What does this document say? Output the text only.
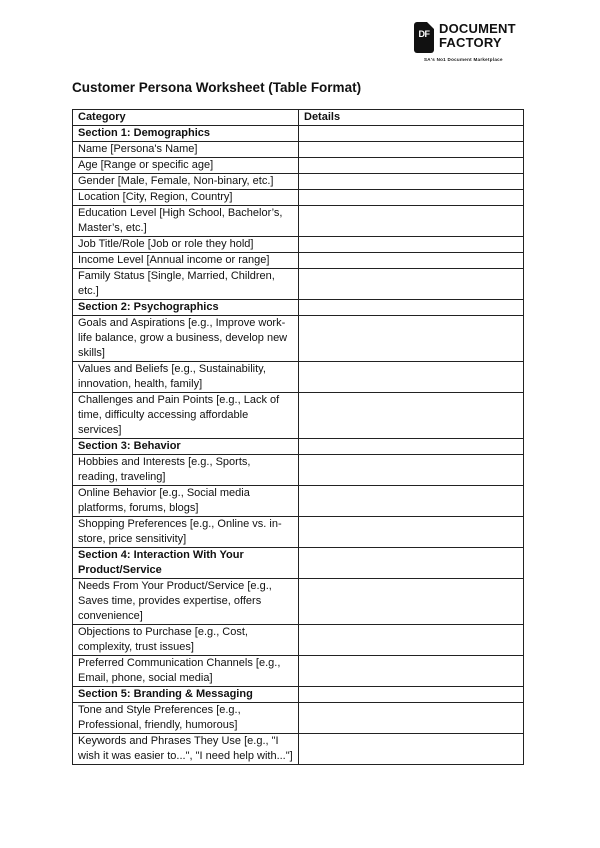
DF DOCUMENT
FACTORY
SA's No1 Document Marketplace
Customer Persona Worksheet (Table Format)
Category	Details
Section 1: Demographics	
Name [Persona's Name]	
Age [Range or specific age]	
Gender [Male, Female, Non-binary, etc.]	
Location [City, Region, Country]	
Education Level [High School, Bachelor’s, Master’s, etc.]	
Job Title/Role [Job or role they hold]	
Income Level [Annual income or range]	
Family Status [Single, Married, Children, etc.]	
Section 2: Psychographics	
Goals and Aspirations [e.g., Improve work-life balance, grow a business, develop new skills]	
Values and Beliefs [e.g., Sustainability, innovation, health, family]	
Challenges and Pain Points [e.g., Lack of time, difficulty accessing affordable services]	
Section 3: Behavior	
Hobbies and Interests [e.g., Sports, reading, traveling]	
Online Behavior [e.g., Social media platforms, forums, blogs]	
Shopping Preferences [e.g., Online vs. in-store, price sensitivity]	
Section 4: Interaction With Your Product/Service	
Needs From Your Product/Service [e.g., Saves time, provides expertise, offers convenience]	
Objections to Purchase [e.g., Cost, complexity, trust issues]	
Preferred Communication Channels [e.g., Email, phone, social media]	
Section 5: Branding & Messaging	
Tone and Style Preferences [e.g., Professional, friendly, humorous]	
Keywords and Phrases They Use [e.g., "I wish it was easier to...", "I need help with..."]	
